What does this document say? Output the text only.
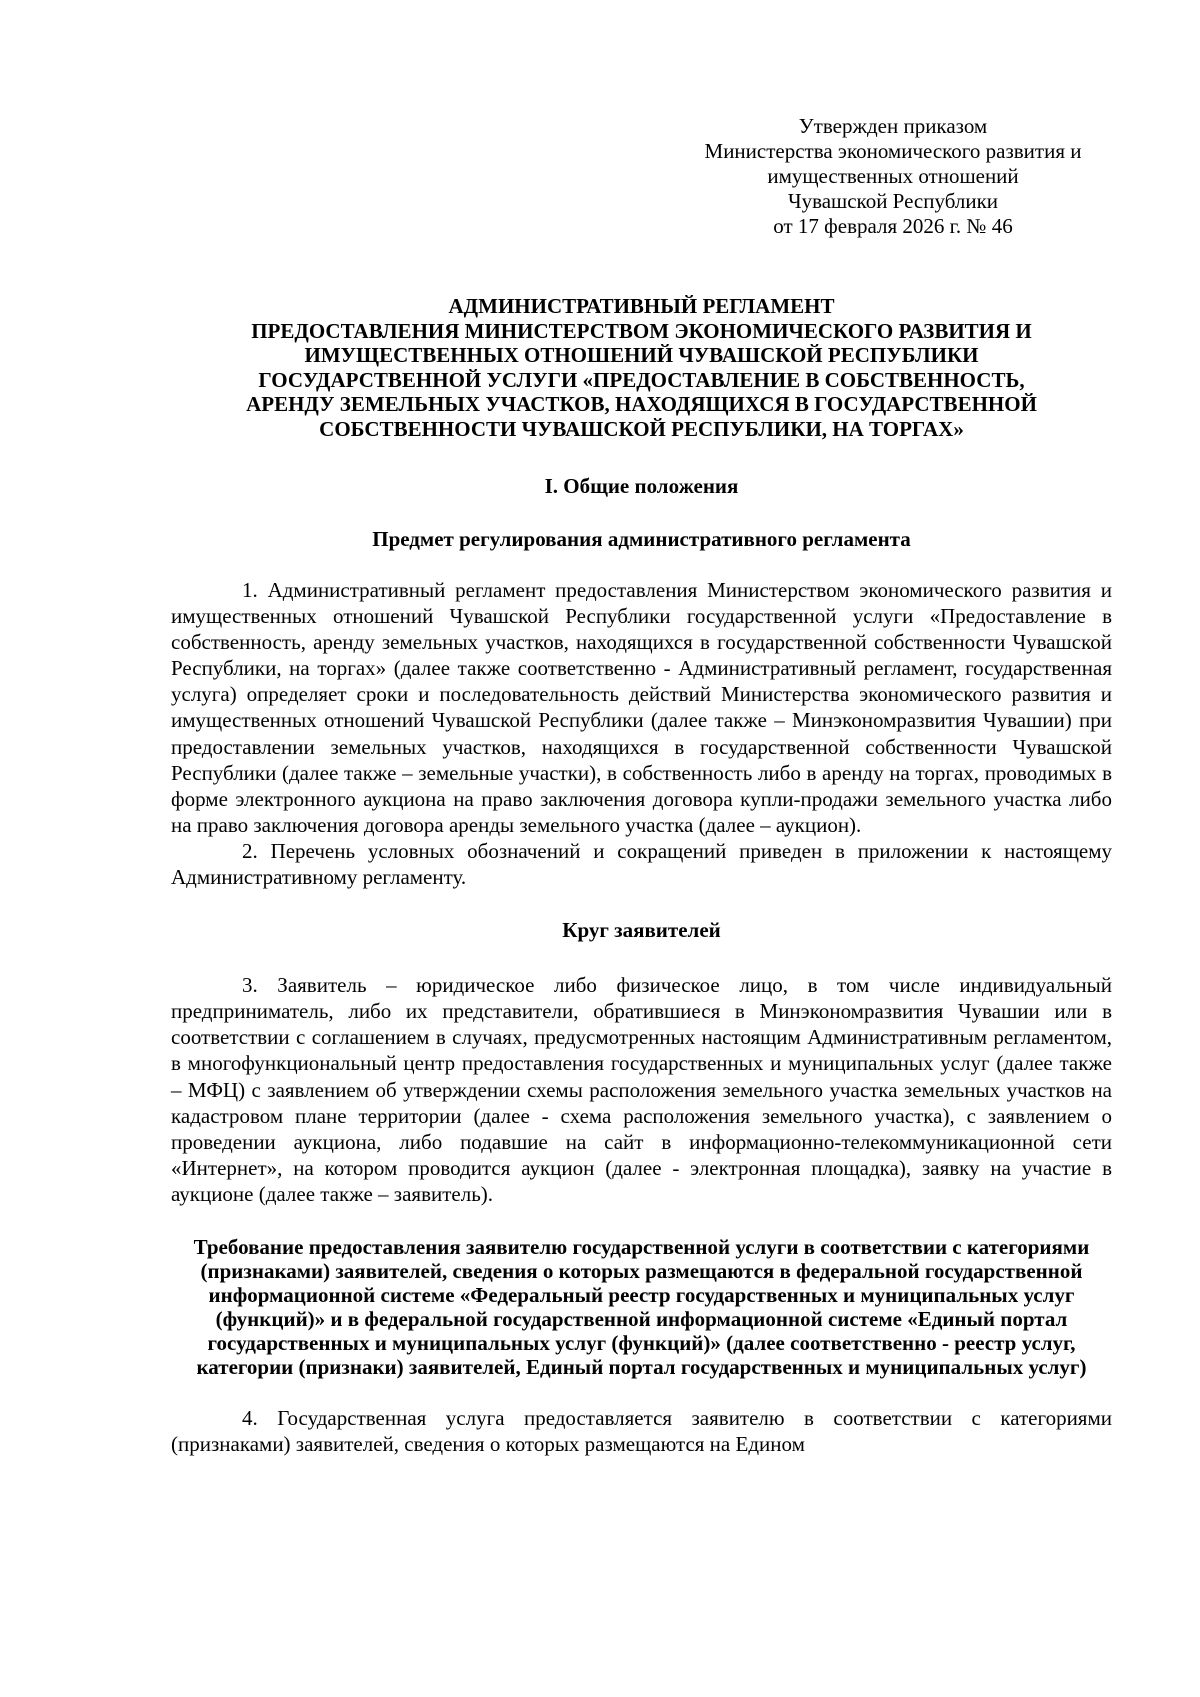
Утвержден приказом
Министерства экономического развития и
имущественных отношений
Чувашской Республики
от 17 февраля 2026 г. № 46
АДМИНИСТРАТИВНЫЙ РЕГЛАМЕНТ
ПРЕДОСТАВЛЕНИЯ МИНИСТЕРСТВОМ ЭКОНОМИЧЕСКОГО РАЗВИТИЯ И
ИМУЩЕСТВЕННЫХ ОТНОШЕНИЙ ЧУВАШСКОЙ РЕСПУБЛИКИ
ГОСУДАРСТВЕННОЙ УСЛУГИ «ПРЕДОСТАВЛЕНИЕ В СОБСТВЕННОСТЬ,
АРЕНДУ ЗЕМЕЛЬНЫХ УЧАСТКОВ, НАХОДЯЩИХСЯ В ГОСУДАРСТВЕННОЙ
СОБСТВЕННОСТИ ЧУВАШСКОЙ РЕСПУБЛИКИ, НА ТОРГАХ»
I. Общие положения
Предмет регулирования административного регламента

1. Административный регламент предоставления Министерством экономического развития и имущественных отношений Чувашской Республики государственной услуги «Предоставление в собственность, аренду земельных участков, находящихся в государственной собственности Чувашской Республики, на торгах» (далее также соответственно - Административный регламент, государственная услуга) определяет сроки и последовательность действий Министерства экономического развития и имущественных отношений Чувашской Республики (далее также – Минэкономразвития Чувашии) при предоставлении земельных участков, находящихся в государственной собственности Чувашской Республики (далее также – земельные участки), в собственность либо в аренду на торгах, проводимых в форме электронного аукциона на право заключения договора купли-продажи земельного участка либо на право заключения договора аренды земельного участка (далее – аукцион).

2. Перечень условных обозначений и сокращений приведен в приложении к настоящему Административному регламенту.

Круг заявителей

3. Заявитель – юридическое либо физическое лицо, в том числе индивидуальный предприниматель, либо их представители, обратившиеся в Минэкономразвития Чувашии или в соответствии с соглашением в случаях, предусмотренных настоящим Административным регламентом, в многофункциональный центр предоставления государственных и муниципальных услуг (далее также – МФЦ) с заявлением об утверждении схемы расположения земельного участка земельных участков на кадастровом плане территории (далее - схема расположения земельного участка), с заявлением о проведении аукциона, либо подавшие на сайт в информационно-телекоммуникационной сети «Интернет», на котором проводится аукцион (далее - электронная площадка), заявку на участие в аукционе (далее также – заявитель).

Требование предоставления заявителю государственной услуги в соответствии с категориями (признаками) заявителей, сведения о которых размещаются в федеральной государственной информационной системе «Федеральный реестр государственных и муниципальных услуг (функций)» и в федеральной государственной информационной системе «Единый портал государственных и муниципальных услуг (функций)» (далее соответственно - реестр услуг, категории (признаки) заявителей, Единый портал государственных и муниципальных услуг)

4. Государственная услуга предоставляется заявителю в соответствии с категориями (признаками) заявителей, сведения о которых размещаются на Едином
